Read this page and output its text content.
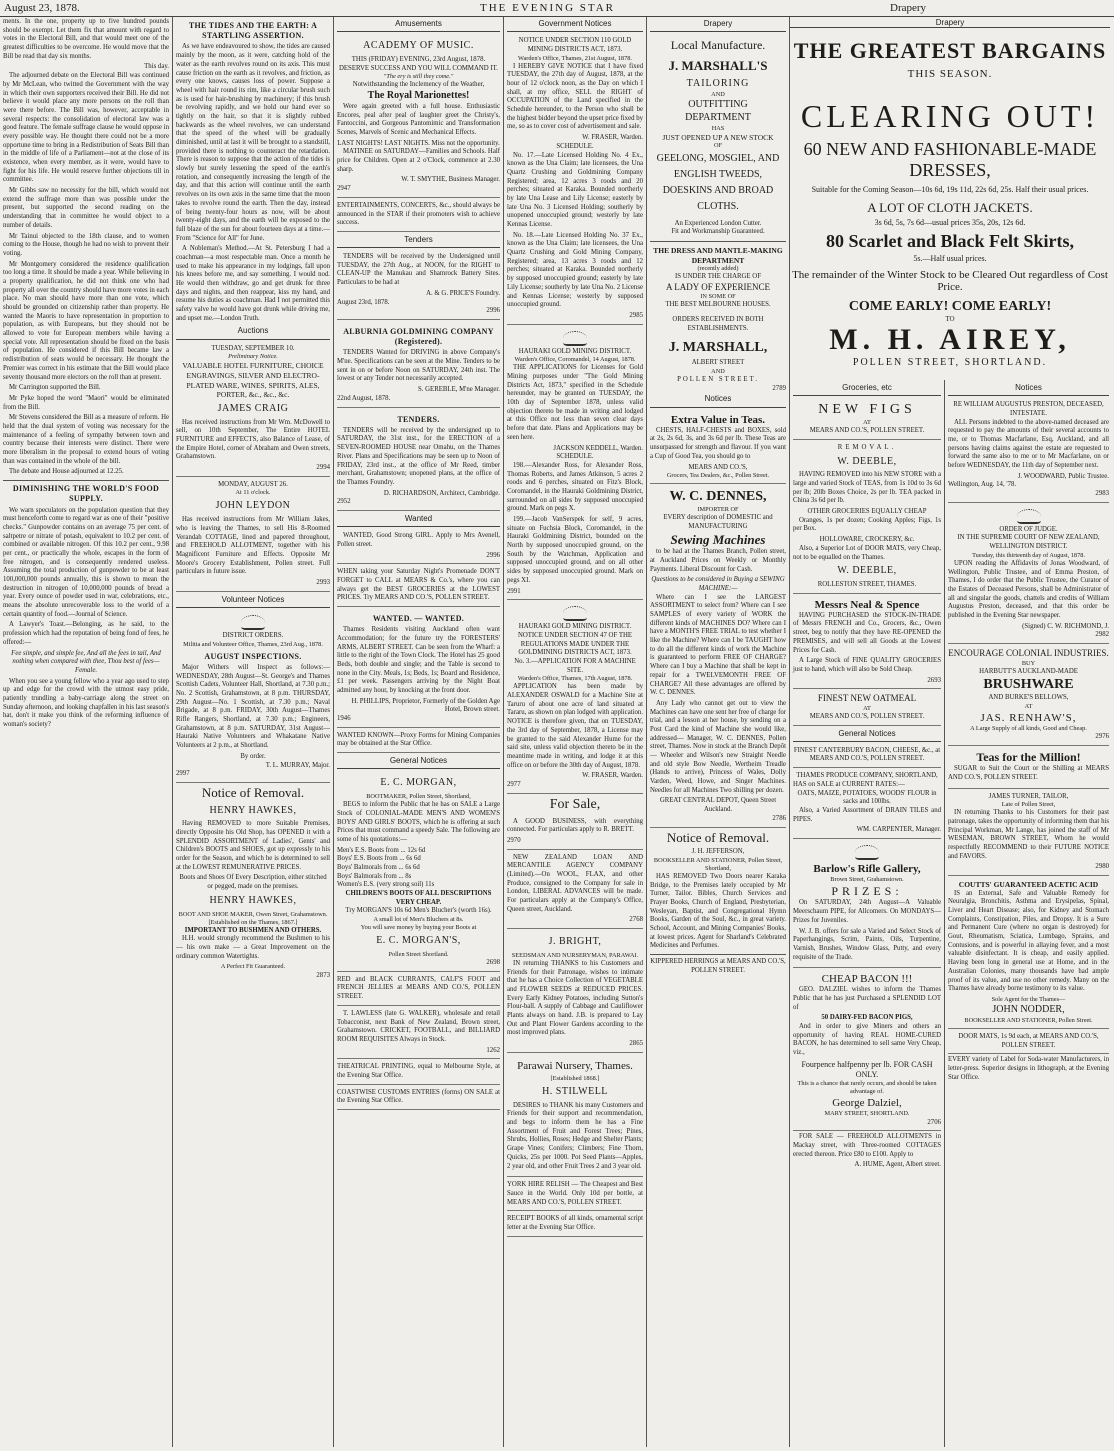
August 23, 1878.	THE EVENING STAR	Drapery

ments. In the one, property up to five hundred pounds should be exempt. Let them fix that amount with regard to votes in the Electoral Bill, and that would meet one of the greatest difficulties to be overcome. He would move that the Bill be read that day six months.

This day.

The adjourned debate on the Electoral Bill was continued by Mr McLean, who twitted the Government with the way in which their own supporters received their Bill. He did not believe it would place any more persons on the roll than were there before. The Bill was, however, acceptable in several respects: the consolidation of electoral law was a good feature. The female suffrage clause he would oppose in every possible way. He thought there could not be a more opportune time to bring in a Redistribution of Seats Bill than in the middle of life of a Parliament—not at the close of its existence, when every member, as it were, would have to fight for his life. He would reserve further objections till in committee.

Mr Gibbs saw no necessity for the bill, which would not extend the suffrage more than was possible under the present, but supported the second reading on the understanding that in committee he would object to a number of details.

Mr Tainui objected to the 18th clause, and to women coming to the House, though he had no wish to prevent their voting.

Mr Montgomery considered the residence qualification too long a time. It should be made a year. While believing in a property qualification, he did not think one who had property all over the country should have more votes in each place. No man should have more than one vote, which should be grounded on citizenship rather than property. He wanted the Maoris to have representation in proportion to population, as with Europeans, but they should not be allowed to vote for European members while having a special vote. All representation should be fixed on the basis of population. He considered if this Bill became law a redistribution of seats would be necessary. He thought the Premier was correct in his estimate that the Bill would place seventy thousand more electors on the roll than at present.

Mr Carrington supported the Bill.

Mr Pyke hoped the word "Maori" would be eliminated from the Bill.

Mr Stevens considered the Bill as a measure of reform. He held that the dual system of voting was necessary for the maintenance of a feeling of sympathy between town and country because their interests were distinct. There were more liberalism in the proposal to extend hours of voting than was contained in the whole of the bill.

The debate and House adjourned at 12.25.

DIMINISHING THE WORLD'S FOOD SUPPLY.

We warn speculators on the population question that they must henceforth come to regard war as one of their "positive checks." Gunpowder contains on an average 75 per cent. of saltpetre or nitrate of potash, equivalent to 10.2 per cent. of combined or available nitrogen. Of this 10.2 per cent., 9.98 per cent., or practically the whole, escapes in the form of free nitrogen, and is consequently rendered useless. Assuming the total production of gunpowder to be at least 100,000,000 pounds annually, this is shown to mean the destruction in nitrogen of 10,000,000 pounds of bread a year. Every ounce of powder used in war, celebrations, etc., means the absolute unrecoverable loss to the world of a certain quantity of food.—Journal of Science.

A Lawyer's Toast.—Belonging, as he said, to the profession which had the reputation of being fond of fees, he offered:—

Fee simple, and simple fee, And all the fees in tail, And nothing when compared with thee, Thou best of fees—Female.

When you see a young fellow who a year ago used to step up and edge for the crowd with the utmost easy pride, patiently trundling a baby-carriage along the street on Sunday afternoon, and looking chapfallen in his last season's hat, don't it make you think of the reforming influence of woman's society?

THE TIDES AND THE EARTH: A STARTLING ASSERTION.

As we have endeavoured to show, the tides are caused mainly by the moon, as it were, catching hold of the water as the earth revolves round on its axis. This must cause friction on the earth as it revolves, and friction, as every one knows, causes loss of power. Suppose a wheel with hair round its rim, like a circular brush such as is used for hair-brushing by machinery; if this brush be revolving rapidly, and we hold our hand ever so tightly on the hair, so that it is slightly rubbed backwards as the wheel revolves, we can understand that the speed of the wheel will be gradually diminished, until at last it will be brought to a standstill, provided there is nothing to counteract the retardation. There is reason to suppose that the action of the tides is slowly but surely lessening the speed of the earth's rotation, and consequently increasing the length of the day, and that this action will continue until the earth revolves on its own axis in the same time that the moon takes to revolve round the earth. Then the day, instead of being twenty-four hours as now, will be about twenty-eight days, and the earth will be exposed to the full blaze of the sun for about fourteen days at a time.—From "Science for All" for June.

A Nobleman's Method.—At St. Petersburg I had a coachman—a most respectable man. Once a month he used to make his appearance in my lodgings, fall upon his knees before me, and say something. I would nod. He would then withdraw, go and get drunk for three days and nights, and then reappear, kiss my hand, and resume his duties as coachman. Had I not permitted this safety valve he would have got drunk while driving me, and upset me.—London Truth.

Auctions
TUESDAY, SEPTEMBER 10.
Preliminary Notice.
VALUABLE HOTEL FURNITURE, CHOICE ENGRAVINGS, SILVER AND ELECTRO-PLATED WARE, WINES, SPIRITS, ALES, PORTER, &c., &c., &c.
JAMES CRAIG

Has received instructions from Mr Wm. McDowell to sell, on 10th September, The Entire HOTEL FURNITURE and EFFECTS, also Balance of Lease, of the Empire Hotel, corner of Abraham and Owen streets, Grahamstown.

2994
MONDAY, AUGUST 26.
At 11 o'clock.
JOHN LEYDON

Has received instructions from Mr William Jakes, who is leaving the Thames, to sell His 8-Roomed Verandah COTTAGE, lined and papered throughout, and FREEHOLD ALLOTMENT, together with his Magnificent Furniture and Effects. Opposite Mr Moore's Grocery Establishment, Pollen street. Full particulars in future issue.

2993
Volunteer Notices
DISTRICT ORDERS.
Militia and Volunteer Office, Thames, 23rd Aug., 1878.
AUGUST INSPECTIONS.

Major Withers will Inspect as follows:—WEDNESDAY, 28th August—St. George's and Thames Scottish Cadets, Volunteer Hall, Shortland, at 7.30 p.m.; No. 2 Scottish, Grahamstown, at 8 p.m. THURSDAY, 29th August—No. 1 Scottish, at 7.30 p.m.; Naval Brigade, at 8 p.m. FRIDAY, 30th August—Thames Rifle Rangers, Shortland, at 7.30 p.m.; Engineers, Grahamstown, at 8 p.m. SATURDAY, 31st August—Hauraki Native Volunteers and Whakatane Native Volunteers at 2 p.m., at Shortland.

By order.
T. L. MURRAY, Major.
2997
Notice of Removal.
HENRY HAWKES,

Having REMOVED to more Suitable Premises, directly Opposite his Old Shop, has OPENED it with a SPLENDID ASSORTMENT of Ladies', Gents' and Children's BOOTS and SHOES, got up expressly to his order for the Season, and which he is determined to sell at the LOWEST REMUNERATIVE PRICES.

Boots and Shoes Of Every Description, either stitched or pegged, made on the premises.
HENRY HAWKES,
BOOT AND SHOE MAKER, Owen Street, Grahamstown.
[Established on the Thames, 1867.]
IMPORTANT TO BUSHMEN AND OTHERS.

H.H. would strongly recommend the Bushmen to his — his own make — a Great Improvement on the ordinary common Watertights.

A Perfect Fit Guaranteed.
2873
Amusements
ACADEMY OF MUSIC.
THIS (FRIDAY) EVENING, 23rd August, 1878.
DESERVE SUCCESS AND YOU WILL COMMAND IT.
"The ery is still they come."
Notwithstanding the Inclemency of the Weather,
The Royal Marionettes!

Were again greeted with a full house. Enthusiastic Encores, peal after peal of laughter greet the Christy's, Fantoccini, and Gorgeous Pantomimic and Transformation Scenes, Marvels of Scenic and Mechanical Effects.

LAST NIGHTS! LAST NIGHTS. Miss not the opportunity.

MATINEE on SATURDAY—Families and Schools. Half price for Children. Open at 2 o'Clock, commence at 2.30 sharp.

W. T. SMYTHE, Business Manager.
2947
ENTERTAINMENTS, CONCERTS, &c., should always be announced in the STAR if their promoters wish to achieve success.
Tenders

TENDERS will be received by the Undersigned until TUESDAY, the 27th Aug., at NOON, for the RIGHT to CLEAN-UP the Manukau and Shamrock Battery Sites. Particulars to be had at

A. & G. PRICE'S Foundry.
August 23rd, 1878.
2996
ALBURNIA GOLDMINING COMPANY (Registered).

TENDERS Wanted for DRIVING in above Company's M'ne. Specifications can be seen at the Mine. Tenders to be sent in on or before Noon on SATURDAY, 24th inst. The lowest or any Tender not necessarily accepted.

S. GEREBLE, M'ne Manager.
22nd August, 1878.
TENDERS.

TENDERS will be received by the undersigned up to SATURDAY, the 31st inst., for the ERECTION of a SEVEN-ROOMED HOUSE near Omahu, on the Thames River. Plans and Specifications may be seen up to Noon of FRIDAY, 23rd inst., at the office of Mr Reed, timber merchant, Grahamstown; unopened plans, at the office of the Thames Foundry.

D. RICHARDSON, Architect, Cambridge.
2952
Wanted

WANTED, Good Strong GIRL. Apply to Mrs Avenell, Pollen street.

2996
WHEN taking your Saturday Night's Promenade DON'T FORGET to CALL at MEARS & Co.'s, where you can always get the BEST GROCERIES at the LOWEST PRICES. Try MEARS AND CO.'S, POLLEN STREET.
WANTED. — WANTED.

Thames Residents visiting Auckland often want Accommodation; for the future try the FORESTERS' ARMS, ALBERT STREET. Can be seen from the Wharf: a little to the right of the Town Clock. The Hotel has 25 good Beds, both double and single; and the Table is second to none in the City. Meals, 1s; Beds, 1s; Board and Residence, £1 per week. Passengers arriving by the Night Boat admitted any hour, by knocking at the front door.

H. PHILLIPS, Proprietor, Formerly of the Golden Age Hotel, Brown street.
1946
WANTED KNOWN—Proxy Forms for Mining Companies may be obtained at the Star Office.
General Notices
E. C. MORGAN,
BOOTMAKER, Pollen Street, Shortland,

BEGS to inform the Public that he has on SALE a Large Stock of COLONIAL-MADE MEN'S AND WOMEN'S BOYS' AND GIRLS' BOOTS, which he is offering at such Prices that must command a speedy Sale. The following are some of his quotations:—

Men's E.S. Boots from ... 12s 6d
Boys' E.S. Boots from ... 6s 6d
Boys' Balmorals from ... 6s 6d
Boys' Balmorals from ... 8s
Women's E.S. (very strong soil) 11s
CHILDREN'S BOOTS OF ALL DESCRIPTIONS VERY CHEAP.
Try MORGAN'S 10s 6d Men's Blucher's (worth 16s).
A small lot of Men's Bluchers at 8s.
You will save money by buying your Boots at
E. C. MORGAN'S,
Pollen Street Shortland.
2698
RED and BLACK CURRANTS, CALF'S FOOT and FRENCH JELLIES at MEARS AND CO.'S, POLLEN STREET.

T. LAWLESS (late G. WALKER), wholesale and retail Tobacconist, next Bank of New Zealand, Brown street, Grahamstown. CRICKET, FOOTBALL, and BILLIARD ROOM REQUISITES Always in Stock.

1262
THEATRICAL PRINTING, equal to Melbourne Style, at the Evening Star Office.
COASTWISE CUSTOMS ENTRIES (forms) ON SALE at the Evening Star Office.
Government Notices
NOTICE UNDER SECTION 110 GOLD MINING DISTRICTS ACT, 1873.
Warden's Office, Thames, 21st August, 1878.

I HEREBY GIVE NOTICE that I have fixed TUESDAY, the 27th day of August, 1878, at the hour of 12 o'clock noon, as the Day on which I shall, at my office, SELL the RIGHT of OCCUPATION of the Land specified in the Schedule hereunder, to the Person who shall be the highest bidder beyond the upset price fixed by me, so as to cover cost of advertisement and sale.

W. FRASER, Warden.
SCHEDULE.

No. 17.—Late Licensed Holding No. 4 Ex., known as the Una Claim; late licensees, the Una Quartz Crushing and Goldmining Company Registered; area, 12 acres 3 roods and 20 perches; situated at Karaka. Bounded northerly by late Una Lease and Lily License; easterly by late Una No. 3 Licensed Holding; southerly by unopened unoccupied ground; westerly by late Kennas License.

No. 18.—Late Licensed Holding No. 37 Ex., known as the Una Claim; late licensees, the Una Quartz Crushing and Gold Mining Company, Registered; area, 13 acres 3 roods and 12 perches; situated at Karaka. Bounded northerly by supposed unoccupied ground; easterly by late Lily License; southerly by late Una No. 2 License and Kennas License; westerly by supposed unoccupied ground.

2985
HAURAKI GOLD MINING DISTRICT.
Warden's Office, Coromandel, 14 August, 1878.

THE APPLICATIONS for Licenses for Gold Mining purposes under "The Gold Mining Districts Act, 1873," specified in the Schedule hereunder, may be granted on TUESDAY, the 10th day of September 1878, unless valid objection thereto be made in writing and lodged at this Office not less than seven clear days before that date. Plans and Applications may be seen here.

JACKSON KEDDELL, Warden.
SCHEDULE.

198.—Alexander Ross, for Alexander Ross, Thomas Roberts, and James Atkinson, 5 acres 2 roods and 6 perches, situated on Fitz's Block, Coromandel, in the Hauraki Goldmining District, surrounded on all sides by supposed unoccupied ground. Mark on pegs X.

199.—Jacob VanSerspek for self, 9 acres, situate on Fuchsia Block, Coromandel, in the Hauraki Goldmining District, bounded on the North by supposed unoccupied ground, on the South by the Watchman, Application and supposed unoccupied ground, and on all other sides by supposed unoccupied ground. Mark on pegs XI.

2991
HAURAKI GOLD MINING DISTRICT.
NOTICE UNDER SECTION 47 OF THE REGULATIONS MADE UNDER THE GOLDMINING DISTRICTS ACT, 1873.
No. 3.—APPLICATION FOR A MACHINE SITE.
Warden's Office, Thames, 17th August, 1878.

APPLICATION has been made by ALEXANDER OSWALD for a Machine Site at Taruru of about one acre of land situated at Tararu, as shown on plan lodged with application. NOTICE is therefore given, that on TUESDAY, the 3rd day of September, 1878, a License may be granted to the said Alexander Hume for the said site, unless valid objection thereto be in the meantime made in writing, and lodge it at this office on or before the 30th day of August, 1878.

W. FRASER, Warden.
2977
For Sale,

A GOOD BUSINESS, with everything connected. For particulars apply to R. BRETT.

2970

NEW ZEALAND LOAN AND MERCANTILE AGENCY COMPANY (Limited).—On WOOL, FLAX, and other Produce, consigned to the Company for sale in London, LIBERAL ADVANCES will be made. For particulars apply at the Company's Office, Queen street, Auckland.

2768
J. BRIGHT,
SEEDSMAN AND NURSERYMAN, PARAWAI.

IN returning THANKS to his Customers and Friends for their Patronage, wishes to intimate that he has a Choice Collection of VEGETABLE and FLOWER SEEDS at REDUCED PRICES. Every Early Kidney Potatoes, including Sutton's Flour-ball. A supply of Cabbage and Cauliflower Plants always on hand. J.B. is prepared to Lay Out and Plant Flower Gardens according to the most improved plans.

2865
Parawai Nursery, Thames.
[Established 1868.]
H. STILWELL

DESIRES to THANK his many Customers and Friends for their support and recommendation, and begs to inform them he has a Fine Assortment of Fruit and Forest Trees; Pines, Shrubs, Hollies, Roses; Hedge and Shelter Plants; Grape Vines; Conifers; Climbers; Fine Thorn, Quicks, 25s per 1000. Pot Seed Plants—Apples, 2 year old, and other Fruit Trees 2 and 3 year old.

YORK HIRE RELISH — The Cheapest and Best Sauce in the World. Only 10d per bottle, at MEARS AND CO.'S, POLLEN STREET.
RECEIPT BOOKS of all kinds, ornamental script letter at the Evening Star Office.
Drapery
Local Manufacture.
J. MARSHALL'S
TAILORING
AND
OUTFITTING
DEPARTMENT
HAS
JUST OPENED UP A NEW STOCK
OF
GEELONG, MOSGIEL, AND
ENGLISH TWEEDS,
DOESKINS AND BROAD
CLOTHS.
An Experienced London Cutter.
Fit and Workmanship Guaranteed.
THE DRESS AND MANTLE-MAKING DEPARTMENT
(recently added)
IS UNDER THE CHARGE OF
A LADY OF EXPERIENCE
IN SOME OF
THE BEST MELBOURNE HOUSES.
ORDERS RECEIVED IN BOTH
ESTABLISHMENTS.
J. MARSHALL,
ALBERT STREET
AND
POLLEN STREET.
2789
Notices
Extra Value in Teas.

CHESTS, HALF-CHESTS and BOXES, sold at 2s, 2s 6d, 3s, and 3s 6d per lb. These Teas are unsurpassed for strength and flavour. If you want a Cup of Good Tea, you should go to

MEARS AND CO.'S,
Grocers, Tea Dealers, &c., Pollen Street.
W. C. DENNES,
IMPORTER OF
EVERY description of DOMESTIC and MANUFACTURING
Sewing Machines

to be had at the Thames Branch, Pollen street, at Auckland Prices on Weekly or Monthly Payments. Liberal Discount for Cash.

Questions to be considered in Buying a SEWING MACHINE:—

Where can I see the LARGEST ASSORTMENT to select from? Where can I see SAMPLES of every variety of WORK the different kinds of MACHINES DO? Where can I have a MONTH'S FREE TRIAL to test whether I like the Machine? Where can I be TAUGHT how to do all the different kinds of work the Machine is guaranteed to perform FREE OF CHARGE? Where can I buy a Machine that shall be kept in repair for a TWELVEMONTH FREE OF CHARGE? All these advantages are offered by W. C. DENNES.

Any Lady who cannot get out to view the Machines can have one sent her free of charge for trial, and a lesson at her house, by sending on a Post Card the kind of Machine she would like, addressed— Manager, W. C. DENNES, Pollen street, Thames. Now in stock at the Branch Depôt— Wheeler and Wilson's new Straight Needle and old style Bow Needle, Wertheim Treadle (Hands to arrive), Princess of Wales, Dolly Varden, Weed, Howe, and Singer Machines. Needles for all Machines Two shilling per dozen.

GREAT CENTRAL DEPOT, Queen Street Auckland.
2786
Notice of Removal.
J. H. JEFFERSON,
BOOKSELLER AND STATIONER, Pollen Street, Shortland,

HAS REMOVED Two Doors nearer Karaka Bridge, to the Premises lately occupied by Mr Turner, Tailor. Bibles, Church Services and Prayer Books, Church of England, Presbyterian, Wesleyan, Baptist, and Congregational Hymn Books, Garden of the Soul, &c., in great variety. School, Account, and Mining Companies' Books, at lowest prices. Agent for Sharland's Celebrated Medicines and Perfumes.

KIPPERED HERRINGS at MEARS AND CO.'S, POLLEN STREET.
Drapery
THE GREATEST BARGAINS
THIS SEASON.
CLEARING OUT!
60 NEW AND FASHIONABLE-MADE DRESSES,
Suitable for the Coming Season—10s 6d, 19s 11d, 22s 6d, 25s. Half their usual prices.
A LOT OF CLOTH JACKETS.
3s 6d, 5s, 7s 6d—usual prices 35s, 20s, 12s 6d.
80 Scarlet and Black Felt Skirts,
5s.—Half usual prices.
The remainder of the Winter Stock to be Cleared Out regardless of Cost Price.
COME EARLY! COME EARLY!
TO
M. H. AIREY,
POLLEN STREET, SHORTLAND.
Groceries, etc
NEW FIGS
AT
MEARS AND CO.'S, POLLEN STREET.
REMOVAL.
W. DEEBLE,

HAVING REMOVED into his NEW STORE with a large and varied Stock of TEAS, from 1s 10d to 3s 6d per lb; 20lb Boxes Choice, 2s per lb. TEA packed in China 3s 6d per lb.

OTHER GROCERIES EQUALLY CHEAP

Oranges, 1s per dozen; Cooking Apples; Figs, 1s per Box.

HOLLOWARE, CROCKERY, &c.

Also, a Superior Lot of DOOR MATS, very Cheap, not to be equalled on the Thames.

W. DEEBLE,
ROLLESTON STREET, THAMES.
Messrs Neal & Spence

HAVING PURCHASED the STOCK-IN-TRADE of Messrs FRENCH and Co., Grocers, &c., Owen street, beg to notify that they have RE-OPENED the PREMISES, and will sell all Goods at the Lowest Prices for Cash.

A Large Stock of FINE QUALITY GROCERIES just to hand, which will also be Sold Cheap.

2693
FINEST NEW OATMEAL
AT
MEARS AND CO.'S, POLLEN STREET.
General Notices
FINEST CANTERBURY BACON, CHEESE, &c., at MEARS AND CO.'S, POLLEN STREET.
THAMES PRODUCE COMPANY, SHORTLAND,
HAS on SALE at CURRENT RATES:—
OATS, MAIZE, POTATOES, WOODS' FLOUR in sacks and 100lbs.

Also, a Varied Assortment of DRAIN TILES and PIPES.

WM. CARPENTER, Manager.
Barlow's Rifle Gallery,
Brown Street, Grahamstown.
PRIZES:

On SATURDAY, 24th August—A Valuable Meerschaum PIPE, for Allcomers. On MONDAYS—Prizes for Juveniles.

W. J. B. offers for sale a Varied and Select Stock of Paperhangings, Scrim, Paints, Oils, Turpentine, Varnish, Brushes, Window Glass, Putty, and every requisite of the Trade.

CHEAP BACON !!!

GEO. DALZIEL wishes to inform the Thames Public that he has just Purchased a SPLENDID LOT of

50 DAIRY-FED BACON PIGS,

And in order to give Miners and others an opportunity of having REAL HOME-CURED BACON, he has determined to sell same Very Cheap, viz.,

Fourpence halfpenny per lb. FOR CASH ONLY.
This is a chance that rarely occurs, and should be taken advantage of.
George Dalziel,
MARY STREET, SHORTLAND.
2706

FOR SALE — FREEHOLD ALLOTMENTS in Mackay street, with Three-roomed COTTAGES erected thereon. Price £80 to £100. Apply to

A. HUME, Agent, Albert street.
Notices
RE WILLIAM AUGUSTUS PRESTON, DECEASED, INTESTATE.

ALL Persons indebted to the above-named deceased are requested to pay the amounts of their several accounts to me, or to Thomas Macfarlane, Esq, Auckland, and all persons having claims against the estate are requested to forward the same also to me or to Mr Macfarlane, on or before WEDNESDAY, the 11th day of September next.

J. WOODWARD, Public Trustee.
Wellington, Aug. 14, '78.
2983
ORDER OF JUDGE.
IN THE SUPREME COURT OF NEW ZEALAND, WELLINGTON DISTRICT.
Tuesday, this thirteenth day of August, 1878.

UPON reading the Affidavits of Jonas Woodward, of Wellington, Public Trustee, and of Emma Preston, of Thames, I do order that the Public Trustee, the Curator of the Estates of Deceased Persons, shall be Administrator of all and singular the goods, chattels and credits of William Augustus Preston, deceased, and that this order be published in the Evening Star newspaper.

(Signed) C. W. RICHMOND, J.
2982
ENCOURAGE COLONIAL INDUSTRIES.
BUY
HARBUTT'S AUCKLAND-MADE
BRUSHWARE
AND BURKE'S BELLOWS,
AT
JAS. RENHAW'S,
A Large Supply of all kinds, Good and Cheap.
2976
Teas for the Million!

SUGAR to Suit the Court or the Shilling at MEARS AND CO.'S, POLLEN STREET.

JAMES TURNER, TAILOR,
Late of Pollen Street,

IN returning Thanks to his Customers for their past patronage, takes the opportunity of informing them that his Principal Workman, Mr Lange, has joined the staff of Mr WESEMAN, BROWN STREET, Whom he would respectfully RECOMMEND to their FUTURE NOTICE and FAVORS.

2980
COUTTS' GUARANTEED ACETIC ACID

IS an External, Safe and Valuable Remedy for Neuralgia, Bronchitis, Asthma and Erysipelas, Spinal, Liver and Heart Disease; also, for Kidney and Stomach Complaints, Constipation, Piles, and Dropsy. It is a Sure and Permanent Cure (where no organ is destroyed) for Gout, Rheumatism, Sciatica, Lumbago, Sprains, and Contusions, and is powerful in allaying fever, and a most valuable disinfectant. It is cheap, and easily applied. Having been long in general use at Home, and in the Australian Colonies, many thousands have had ample proof of its value, and use no other remedy. Many on the Thames have already borne testimony to its value.

Sole Agent for the Thames—
JOHN NODDER,
BOOKSELLER AND STATIONER, Pollen Street.
DOOR MATS, 1s 9d each, at MEARS AND CO.'S, POLLEN STREET.
EVERY variety of Label for Soda-water Manufacturers, in letter-press. Superior designs in lithograph, at the Evening Star Office.
